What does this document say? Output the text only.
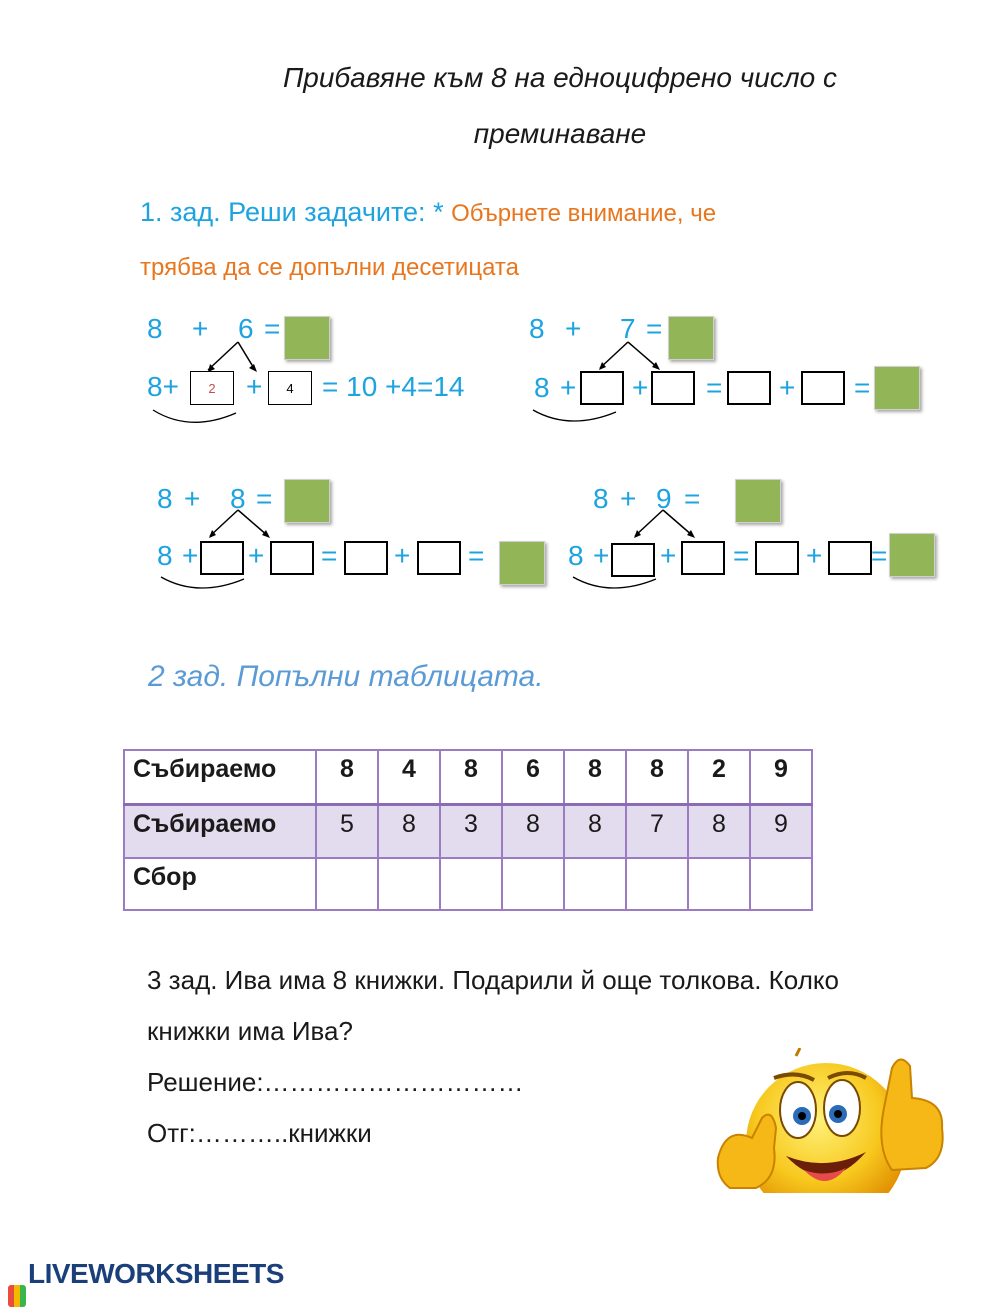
Прибавяне към 8 на едноцифрено число с
преминаване
1. зад. Реши задачите: * Обърнете внимание, че
трябва да се допълни десетицата
8 + 6 =
8+	2	+	4	= 10 +4=14
8 + 7 =
8 + + = + =
8 + 8 =
8 + + = + =
8 + 9 =
8 + + = + =
2 зад. Попълни таблицата.
Събираемо	8	4	8	6	8	8	2	9
Събираемо	5	8	3	8	8	7	8	9
Сбор								
3 зад. Ива има 8 книжки. Подарили й още толкова. Колко
книжки има Ива?
Решение:…………………………
Отг:………..книжки
LIVEWORKSHEETS
